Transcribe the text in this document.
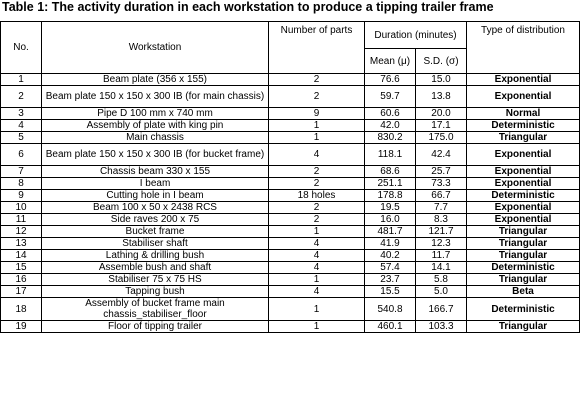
Table 1: The activity duration in each workstation to produce a tipping trailer frame
No.	Workstation	Number of parts	Duration (minutes)		Type of distribution
			Mean (μ)	S.D. (σ)	
1	Beam plate (356 x 155)	2	76.6	15.0	Exponential
2	Beam plate 150 x 150 x 300 IB (for main chassis)	2	59.7	13.8	Exponential
3	Pipe D 100 mm x 740 mm	9	60.6	20.0	Normal
4	Assembly of plate with king pin	1	42.0	17.1	Deterministic
5	Main chassis	1	830.2	175.0	Triangular
6	Beam plate 150 x 150 x 300 IB (for bucket frame)	4	118.1	42.4	Exponential
7	Chassis beam 330 x 155	2	68.6	25.7	Exponential
8	I beam	2	251.1	73.3	Exponential
9	Cutting hole in I beam	18 holes	178.8	66.7	Deterministic
10	Beam 100 x 50 x 2438 RCS	2	19.5	7.7	Exponential
11	Side raves 200 x 75	2	16.0	8.3	Exponential
12	Bucket frame	1	481.7	121.7	Triangular
13	Stabiliser shaft	4	41.9	12.3	Triangular
14	Lathing & drilling bush	4	40.2	11.7	Triangular
15	Assemble bush and shaft	4	57.4	14.1	Deterministic
16	Stabiliser 75 x 75 HS	1	23.7	5.8	Triangular
17	Tapping bush	4	15.5	5.0	Beta
18	Assembly of bucket frame main chassis_stabiliser_floor	1	540.8	166.7	Deterministic
19	Floor of tipping trailer	1	460.1	103.3	Triangular
